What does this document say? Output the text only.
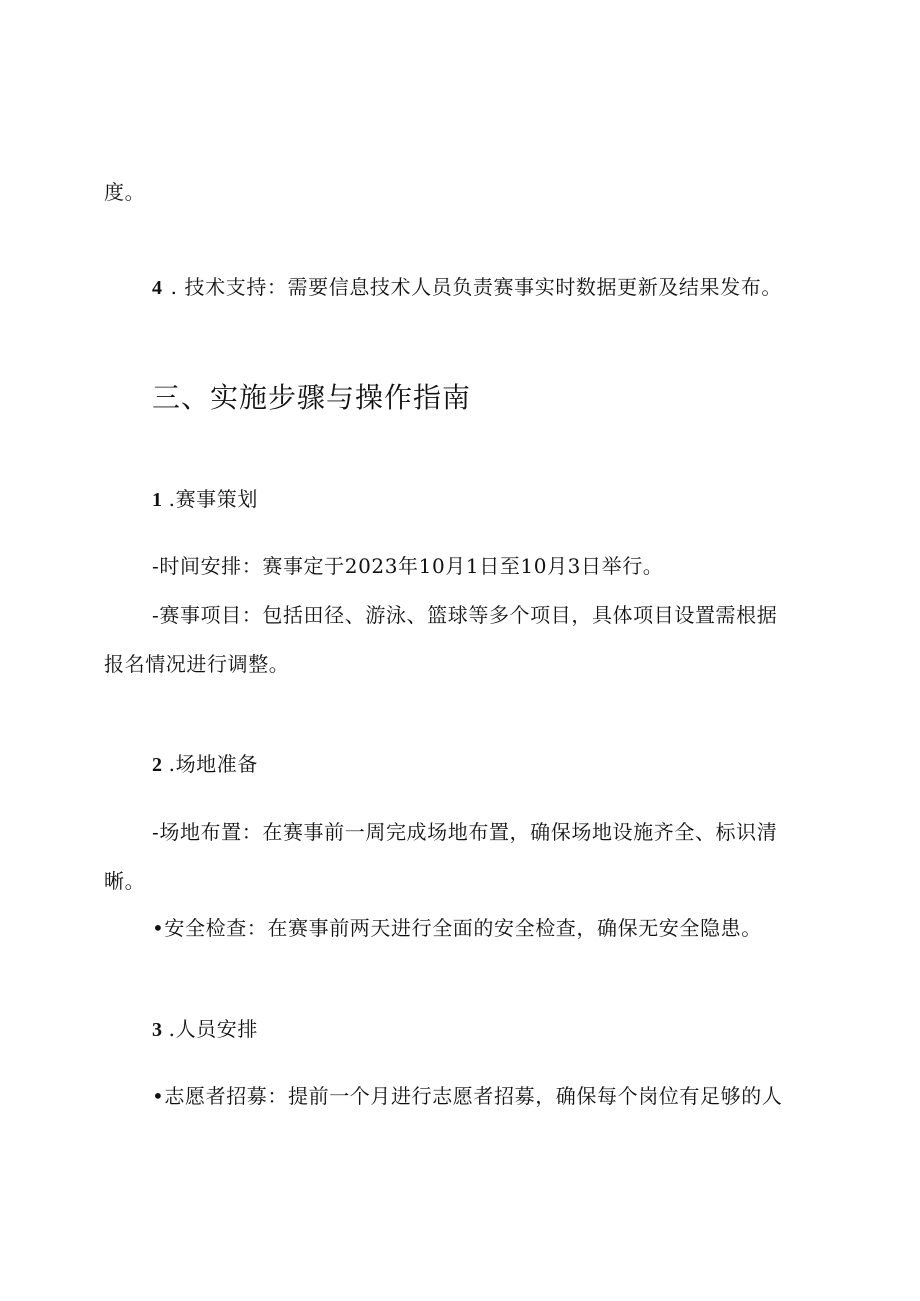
度。
4 . 技术支持：需要信息技术人员负责赛事实时数据更新及结果发布。
三、实施步骤与操作指南
1 .赛事策划
-时间安排：赛事定于2023年10月1日至10月3日举行。
-赛事项目：包括田径、游泳、篮球等多个项目，具体项目设置需根据
报名情况进行调整。
2 .场地准备
-场地布置：在赛事前一周完成场地布置，确保场地设施齐全、标识清
晰。
•安全检查：在赛事前两天进行全面的安全检查，确保无安全隐患。
3 .人员安排
•志愿者招募：提前一个月进行志愿者招募，确保每个岗位有足够的人
